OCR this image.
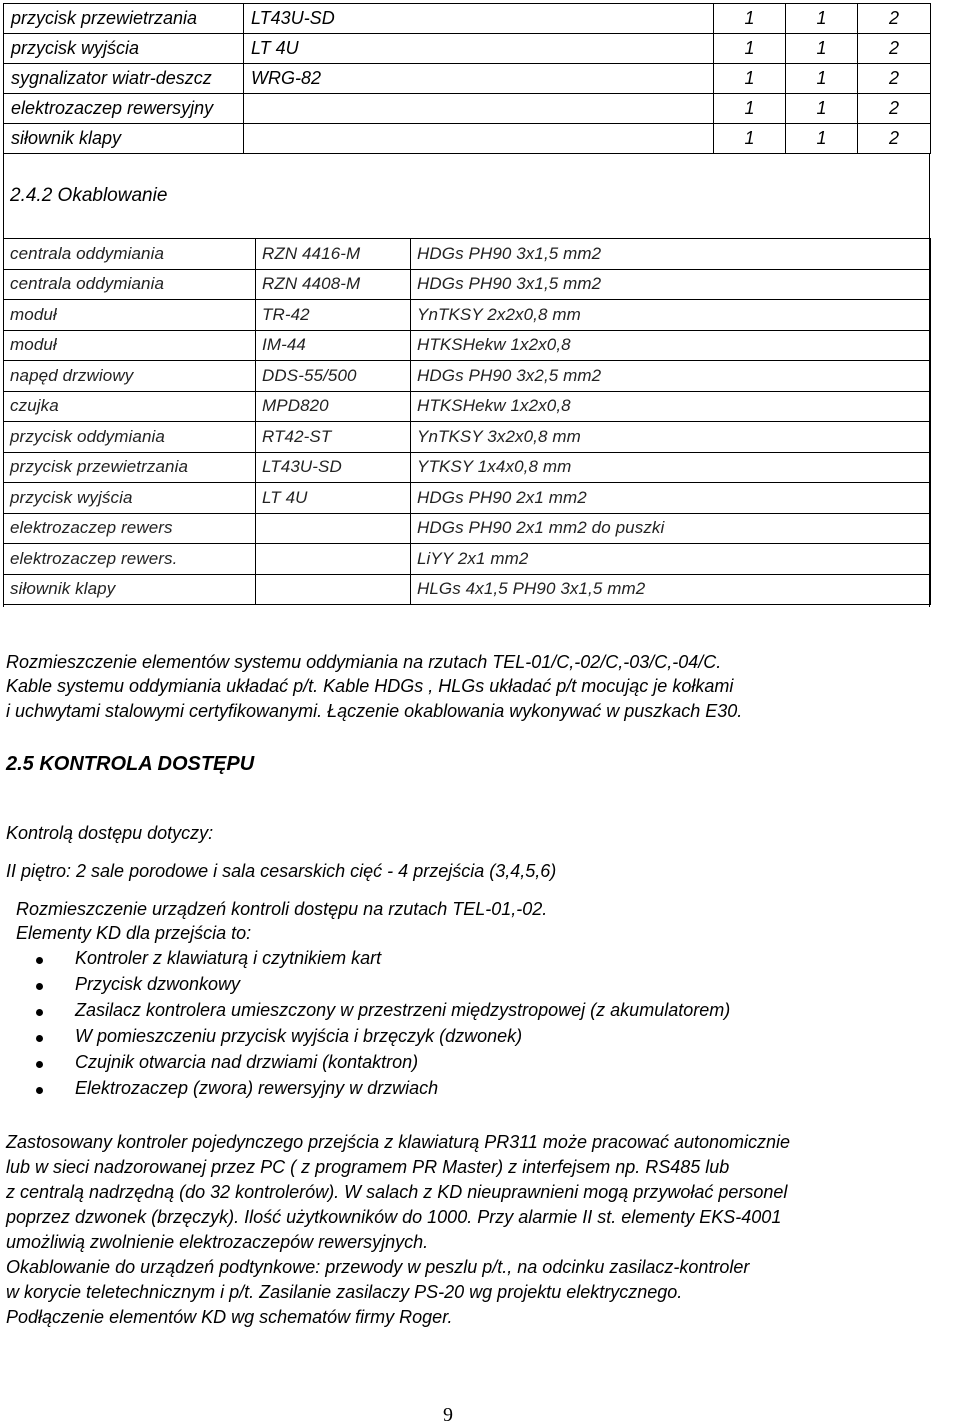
przycisk przewietrzania	LT43U-SD	1	1	2
przycisk wyjścia	LT 4U	1	1	2
sygnalizator wiatr-deszcz	WRG-82	1	1	2
elektrozaczep rewersyjny		1	1	2
siłownik klapy		1	1	2
2.4.2 Okablowanie
centrala oddymiania	RZN 4416-M	HDGs PH90 3x1,5 mm2
centrala oddymiania	RZN 4408-M	HDGs PH90 3x1,5 mm2
moduł	TR-42	YnTKSY 2x2x0,8 mm
moduł	IM-44	HTKSHekw 1x2x0,8
napęd drzwiowy	DDS-55/500	HDGs PH90 3x2,5 mm2
czujka	MPD820	HTKSHekw 1x2x0,8
przycisk oddymiania	RT42-ST	YnTKSY 3x2x0,8 mm
przycisk przewietrzania	LT43U-SD	YTKSY 1x4x0,8 mm
przycisk wyjścia	LT 4U	HDGs PH90 2x1 mm2
elektrozaczep rewers		HDGs PH90 2x1 mm2 do puszki
elektrozaczep rewers.		LiYY 2x1 mm2
siłownik klapy		HLGs 4x1,5 PH90 3x1,5 mm2
Rozmieszczenie elementów systemu oddymiania na rzutach TEL-01/C,-02/C,-03/C,-04/C.
Kable systemu oddymiania układać p/t. Kable HDGs , HLGs układać p/t mocując je kołkami
i uchwytami stalowymi certyfikowanymi. Łączenie okablowania wykonywać w puszkach E30.
2.5 KONTROLA DOSTĘPU
Kontrolą dostępu dotyczy:
II piętro: 2 sale porodowe i sala cesarskich cięć - 4 przejścia (3,4,5,6)
Rozmieszczenie urządzeń kontroli dostępu na rzutach TEL-01,-02.
Elementy KD dla przejścia to:
Kontroler z klawiaturą i czytnikiem kart
Przycisk dzwonkowy
Zasilacz kontrolera umieszczony w przestrzeni międzystropowej (z akumulatorem)
W pomieszczeniu przycisk wyjścia i brzęczyk (dzwonek)
Czujnik otwarcia nad drzwiami (kontaktron)
Elektrozaczep (zwora) rewersyjny w drzwiach
Zastosowany kontroler pojedynczego przejścia z klawiaturą PR311 może pracować autonomicznie
lub w sieci nadzorowanej przez PC ( z programem PR Master) z interfejsem np. RS485 lub
z centralą nadrzędną (do 32 kontrolerów). W salach z KD nieuprawnieni mogą przywołać personel
poprzez dzwonek (brzęczyk). Ilość użytkowników do 1000. Przy alarmie II st. elementy EKS-4001
umożliwią zwolnienie elektrozaczepów rewersyjnych.
Okablowanie do urządzeń podtynkowe: przewody w peszlu p/t., na odcinku zasilacz-kontroler
w korycie teletechnicznym i p/t. Zasilanie zasilaczy PS-20 wg projektu elektrycznego.
Podłączenie elementów KD wg schematów firmy Roger.
9
